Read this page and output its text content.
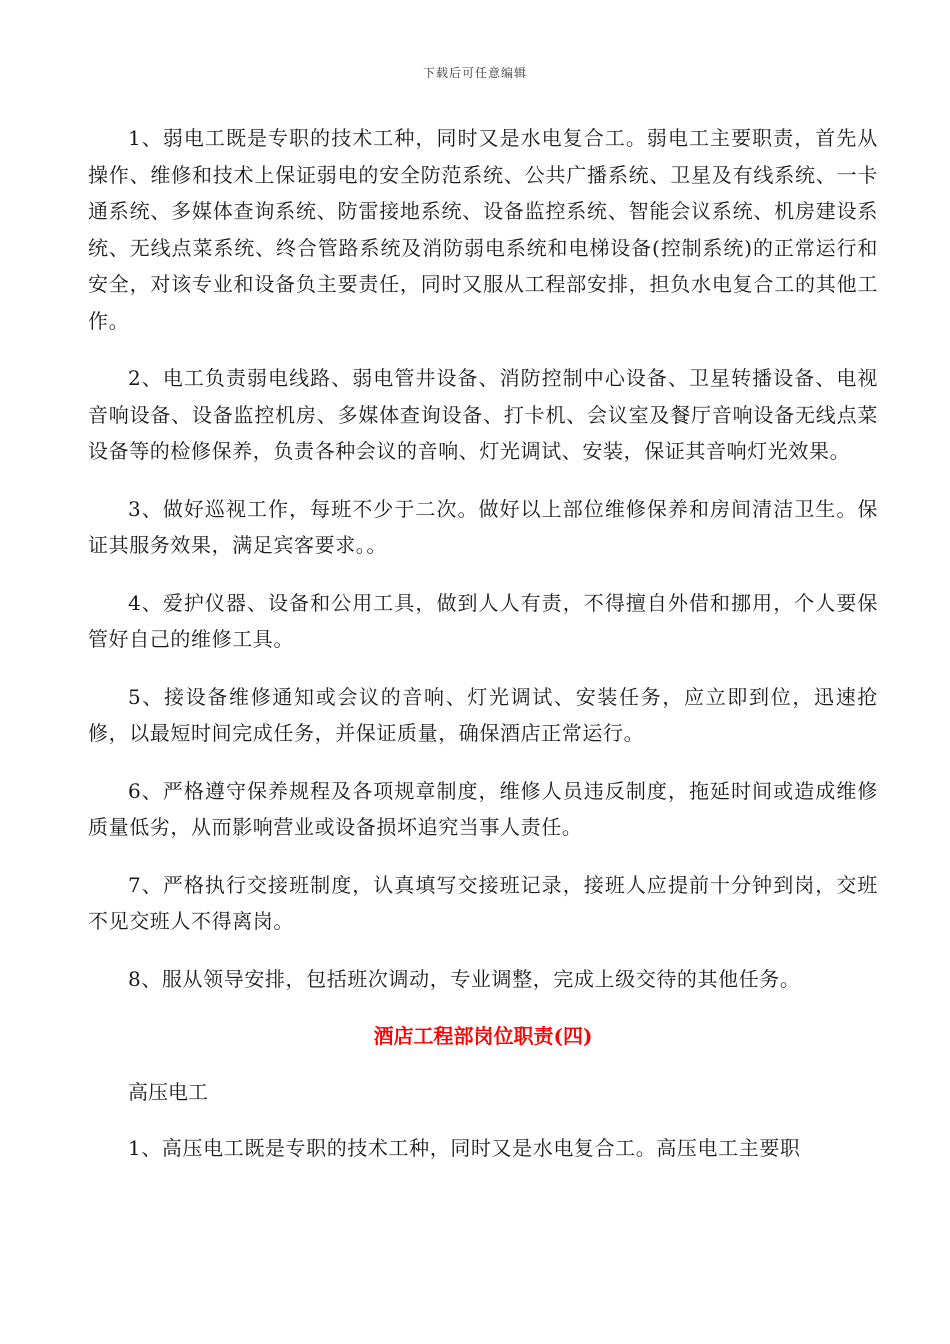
下载后可任意编辑

1、弱电工既是专职的技术工种，同时又是水电复合工。弱电工主要职责，首先从操作、维修和技术上保证弱电的安全防范系统、公共广播系统、卫星及有线系统、一卡通系统、多媒体查询系统、防雷接地系统、设备监控系统、智能会议系统、机房建设系统、无线点菜系统、终合管路系统及消防弱电系统和电梯设备(控制系统)的正常运行和安全，对该专业和设备负主要责任，同时又服从工程部安排，担负水电复合工的其他工作。

2、电工负责弱电线路、弱电管井设备、消防控制中心设备、卫星转播设备、电视音响设备、设备监控机房、多媒体查询设备、打卡机、会议室及餐厅音响设备无线点菜设备等的检修保养，负责各种会议的音响、灯光调试、安装，保证其音响灯光效果。

3、做好巡视工作，每班不少于二次。做好以上部位维修保养和房间清洁卫生。保证其服务效果，满足宾客要求。。

4、爱护仪器、设备和公用工具，做到人人有责，不得擅自外借和挪用，个人要保管好自己的维修工具。

5、接设备维修通知或会议的音响、灯光调试、安装任务，应立即到位，迅速抢修，以最短时间完成任务，并保证质量，确保酒店正常运行。

6、严格遵守保养规程及各项规章制度，维修人员违反制度，拖延时间或造成维修质量低劣，从而影响营业或设备损坏追究当事人责任。

7、严格执行交接班制度，认真填写交接班记录，接班人应提前十分钟到岗，交班不见交班人不得离岗。

8、服从领导安排，包括班次调动，专业调整，完成上级交待的其他任务。

酒店工程部岗位职责(四)
高压电工

1、高压电工既是专职的技术工种，同时又是水电复合工。高压电工主要职
